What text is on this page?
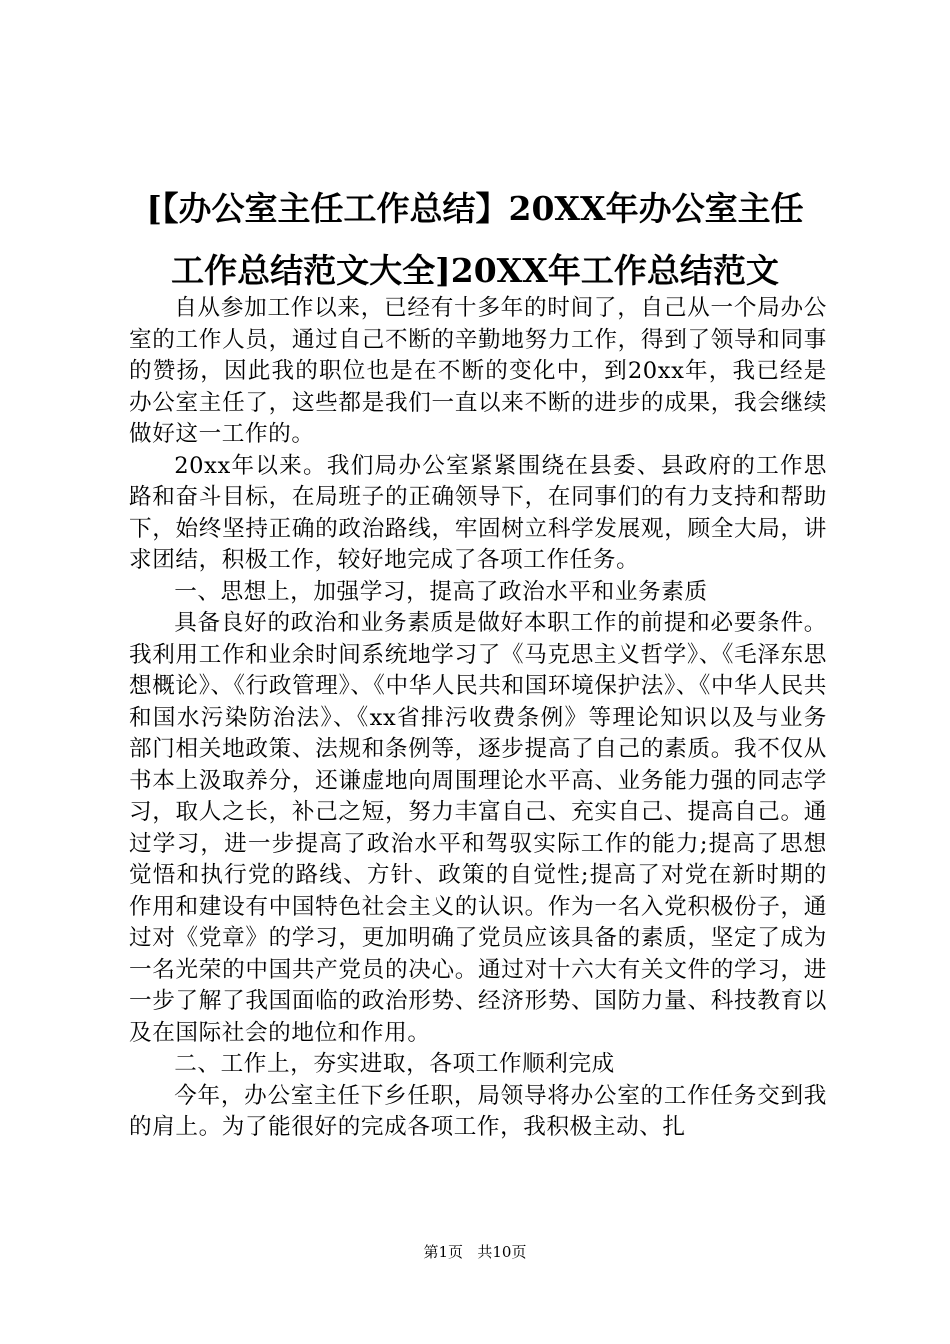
[【办公室主任工作总结】20XX年办公室主任
工作总结范文大全]20XX年工作总结范文

自从参加工作以来，已经有十多年的时间了，自己从一个局办公室的工作人员，通过自己不断的辛勤地努力工作，得到了领导和同事的赞扬，因此我的职位也是在不断的变化中，到20xx年，我已经是办公室主任了，这些都是我们一直以来不断的进步的成果，我会继续做好这一工作的。

20xx年以来。我们局办公室紧紧围绕在县委、县政府的工作思路和奋斗目标，在局班子的正确领导下，在同事们的有力支持和帮助下，始终坚持正确的政治路线，牢固树立科学发展观，顾全大局，讲求团结，积极工作，较好地完成了各项工作任务。

一、思想上，加强学习，提高了政治水平和业务素质

具备良好的政治和业务素质是做好本职工作的前提和必要条件。我利用工作和业余时间系统地学习了《马克思主义哲学》、《毛泽东思想概论》、《行政管理》、《中华人民共和国环境保护法》、《中华人民共和国水污染防治法》、《xx省排污收费条例》等理论知识以及与业务部门相关地政策、法规和条例等，逐步提高了自己的素质。我不仅从书本上汲取养分，还谦虚地向周围理论水平高、业务能力强的同志学习，取人之长，补己之短，努力丰富自己、充实自己、提高自己。通过学习，进一步提高了政治水平和驾驭实际工作的能力;提高了思想觉悟和执行党的路线、方针、政策的自觉性;提高了对党在新时期的作用和建设有中国特色社会主义的认识。作为一名入党积极份子，通过对《党章》的学习，更加明确了党员应该具备的素质，坚定了成为一名光荣的中国共产党员的决心。通过对十六大有关文件的学习，进一步了解了我国面临的政治形势、经济形势、国防力量、科技教育以及在国际社会的地位和作用。

二、工作上，夯实进取，各项工作顺利完成

今年，办公室主任下乡任职，局领导将办公室的工作任务交到我的肩上。为了能很好的完成各项工作，我积极主动、扎

第1页 共10页
